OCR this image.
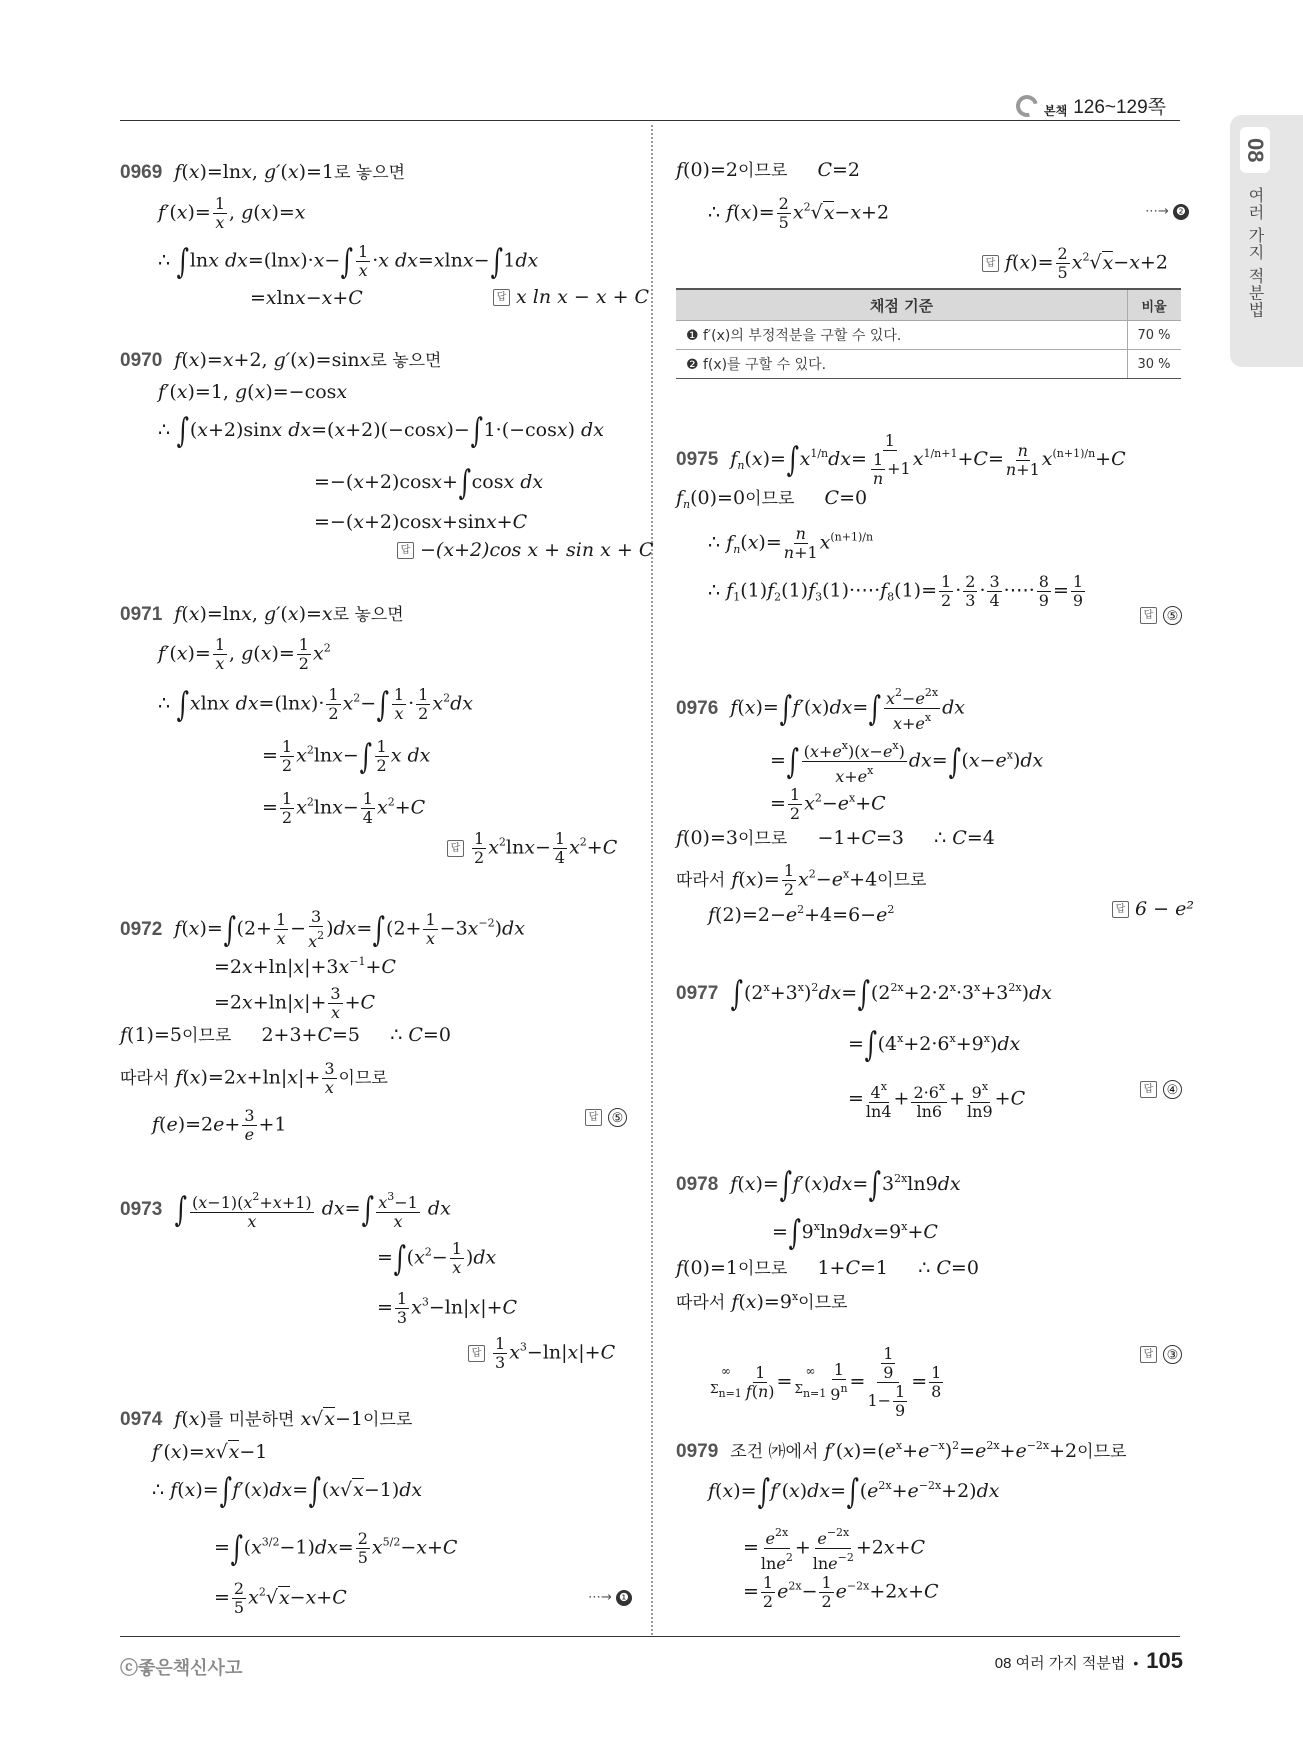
본책 126~129쪽
08
여러 가지 적분법
0969 f(x)=lnx, g′(x)=1로 놓으면
$f'(x)= \frac{1}{x}$ , g(x)=x
∴ ∫lnx $dx=(\ln x)\cdot x-\int \frac{1}{x} \cdot x$ dx=xlnx−∫1dx
=xlnx−x+C	답 x ln x − x + C
0970 f(x)=x+2, g′(x)=sinx로 놓으면
f′(x)=1, g(x)=−cosx
∴ ∫(x+2)sinx dx=(x+2)(−cosx)−∫1·(−cosx) dx
=−(x+2)cosx+∫cosx dx
=−(x+2)cosx+sinx+C
답 −(x+2)cos x + sin x + C
0971 f(x)=lnx, g′(x)=x로 놓으면
$f'(x)= \frac{1}{x}$ , $g(x)= \frac{1}{2} x^2$
∴ ∫xlnx $dx=(\ln x)\cdot \frac{1}{2} x^2-\int \frac{1}{x} \cdot \frac{1}{2} x^2dx$
= $\frac{1}{2} x^2\ln x-\int \frac{1}{2}$ x dx
= $\frac{1}{2} x^2\ln x- \frac{1}{4} x^2+C$
답 $\frac{1}{2} x^2\ln x- \frac{1}{4} x^2+C$
0972 $f(x)=\int(2+ \frac{1}{x} - \frac{3}{x^2} )dx=\int(2+ \frac{1}{x} -3x^{-2})dx$
$=2x+\ln|x|+3x^{-1}+C$
$=2x+\ln|x|+ \frac{3}{x} +C$
f(1)=5이므로     2+3+C=5     ∴ C=0
따라서 $f(x)=2x+\ln|x|+ \frac{3}{x}$ 이므로
$f(e)=2e+ \frac{3}{e} +1$	답 ⑤
0973 ∫ $\frac{(x-1)(x^2+x+1)}{x} dx=\int \frac{x^3-1}{x}$ dx
$=\int(x^2- \frac{1}{x} )dx$
= $\frac{1}{3} x^3-\ln|x|+C$
답 $\frac{1}{3} x^3-\ln|x|+C$
0974 f(x)를 미분하면 x√x−1이므로
f′(x)=x√x−1
∴ f(x)=∫f′(x)dx=∫(x√x−1)dx
$=\int(x^{3/2}-1)dx= \frac{2}{5} x^{5/2}-x+C$
= $\frac{2}{5} x^2√x-x+C$	⋯→ ❶
f(0)=2이므로 C=2
∴ $f(x)= \frac{2}{5} x^2√x-x+2$	⋯→ ❷
답 $f(x)= \frac{2}{5} x^2√x-x+2$
채점 기준	비율
❶ f′(x)의 부정적분을 구할 수 있다.	70 %
❷ f(x)를 구할 수 있다.	30 %
0975 $f_n(x)=\int x^{1/n}dx= \frac{1}{\frac{1}{n} +1} x^{1/n+1}+C= \frac{n}{n+1} x^{(n+1)/n}+C$
$f_n(0)=0$이므로 C=0
∴ $f_n(x)= \frac{n}{n+1} x^{(n+1)/n}$
∴ $f_1(1)f_2(1)f_3(1)\cdot\cdots\cdot f_8(1)= \frac{1}{2} \cdot \frac{2}{3} \cdot \frac{3}{4}$ ·⋯· $\frac{8}{9} = \frac{1}{9}$
답 ⑤
0976 $f(x)=\int f'(x)dx=\int \frac{x^2-e^{2x}}{x+e^x}$ dx
=∫ $\frac{(x+e^x)(x-e^x)}{x+e^x} dx=\int(x-e^x)dx$
= $\frac{1}{2} x^2-e^x+C$
f(0)=3이므로     −1+C=3     ∴ C=4
따라서 $f(x)= \frac{1}{2} x^2-e^x+4$이므로
$f(2)=2-e^2+4=6-e^2$	답 6 − e²
0977 $\int(2^x+3^x)^2dx=\int(2^{2x}+2\cdot 2^x\cdot 3^x+3^{2x})dx$
$=\int(4^x+2\cdot 6^x+9^x)dx$
= $\frac{4^x}{\ln 4} + \frac{2\cdot 6^x}{\ln 6} + \frac{9^x}{\ln 9} +C$	답 ④
0978 $f(x)=\int f'(x)dx=\int 3^{2x}\ln 9dx$
$=\int 9^x\ln 9dx=9^x+C$
f(0)=1이므로     1+C=1     ∴ C=0
따라서 $f(x)=9^x$이므로
∞
$\Sigma_{n=1} \frac{1}{f(n)}$ = ∞
$\Sigma_{n=1} \frac{1}{9^n} = \frac{\frac{1}{9}}{1- \frac{1}{9}} = \frac{1}{8}$
답 ③
0979 조건 ㈎에서 $f'(x)=(e^x+e^{-x})^2=e^{2x}+e^{-2x}+2$이므로
$f(x)=\int f'(x)dx=\int(e^{2x}+e^{-2x}+2)dx$
= $\frac{e^{2x}}{\ln e^2} + \frac{e^{-2x}}{\ln e^{-2}} +2x+C$
= $\frac{1}{2} e^{2x}- \frac{1}{2} e^{-2x}+2x+C$
ⓒ좋은책신사고	08 여러 가지 적분법 • 105
